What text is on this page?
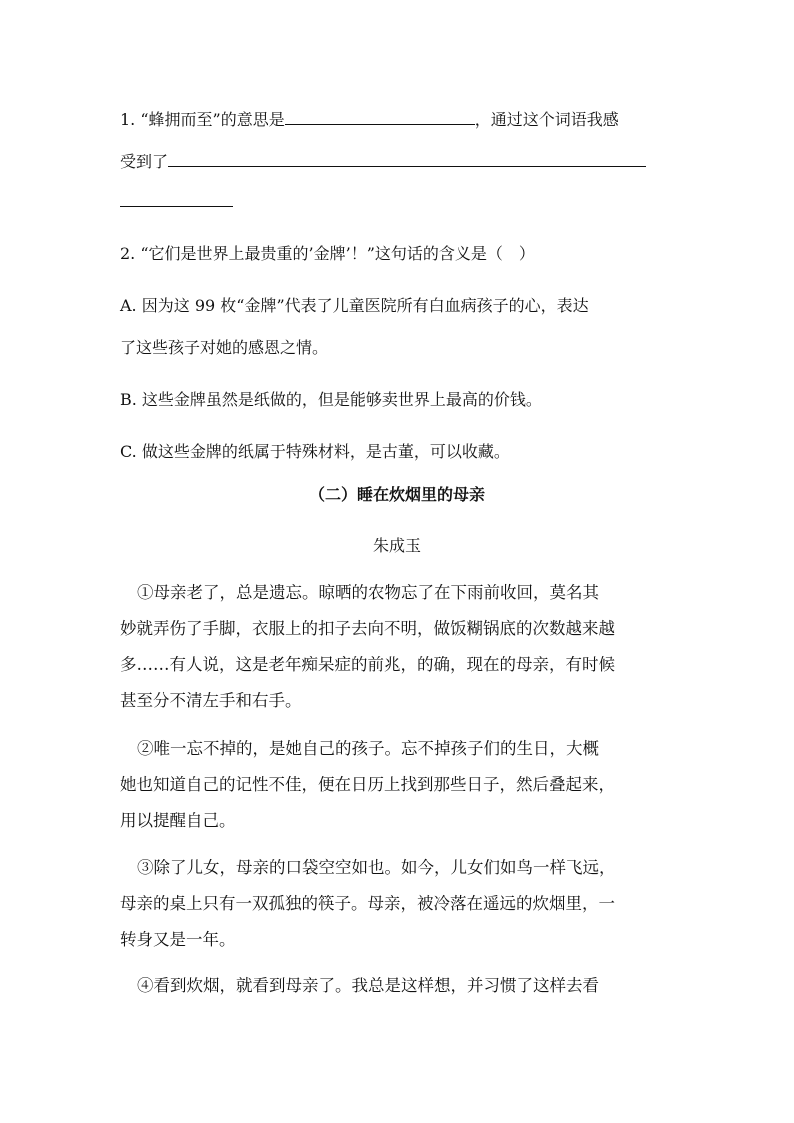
1. “蜂拥而至”的意思是	，通过这个词语我感
受到了
2. “它们是世界上最贵重的’金牌’！”这句话的含义是（　）
A. 因为这 99 枚“金牌”代表了儿童医院所有白血病孩子的心，表达
了这些孩子对她的感恩之情。
B. 这些金牌虽然是纸做的，但是能够卖世界上最高的价钱。
C. 做这些金牌的纸属于特殊材料，是古董，可以收藏。
（二）睡在炊烟里的母亲
朱成玉
①母亲老了，总是遗忘。晾晒的农物忘了在下雨前收回，莫名其
妙就弄伤了手脚，衣服上的扣子去向不明，做饭糊锅底的次数越来越
多……有人说，这是老年痴呆症的前兆，的确，现在的母亲，有时候
甚至分不清左手和右手。
②唯一忘不掉的，是她自己的孩子。忘不掉孩子们的生日，大概
她也知道自己的记性不佳，便在日历上找到那些日子，然后叠起来，
用以提醒自己。
③除了儿女，母亲的口袋空空如也。如今，儿女们如鸟一样飞远，
母亲的桌上只有一双孤独的筷子。母亲，被冷落在遥远的炊烟里，一
转身又是一年。
④看到炊烟，就看到母亲了。我总是这样想，并习惯了这样去看
